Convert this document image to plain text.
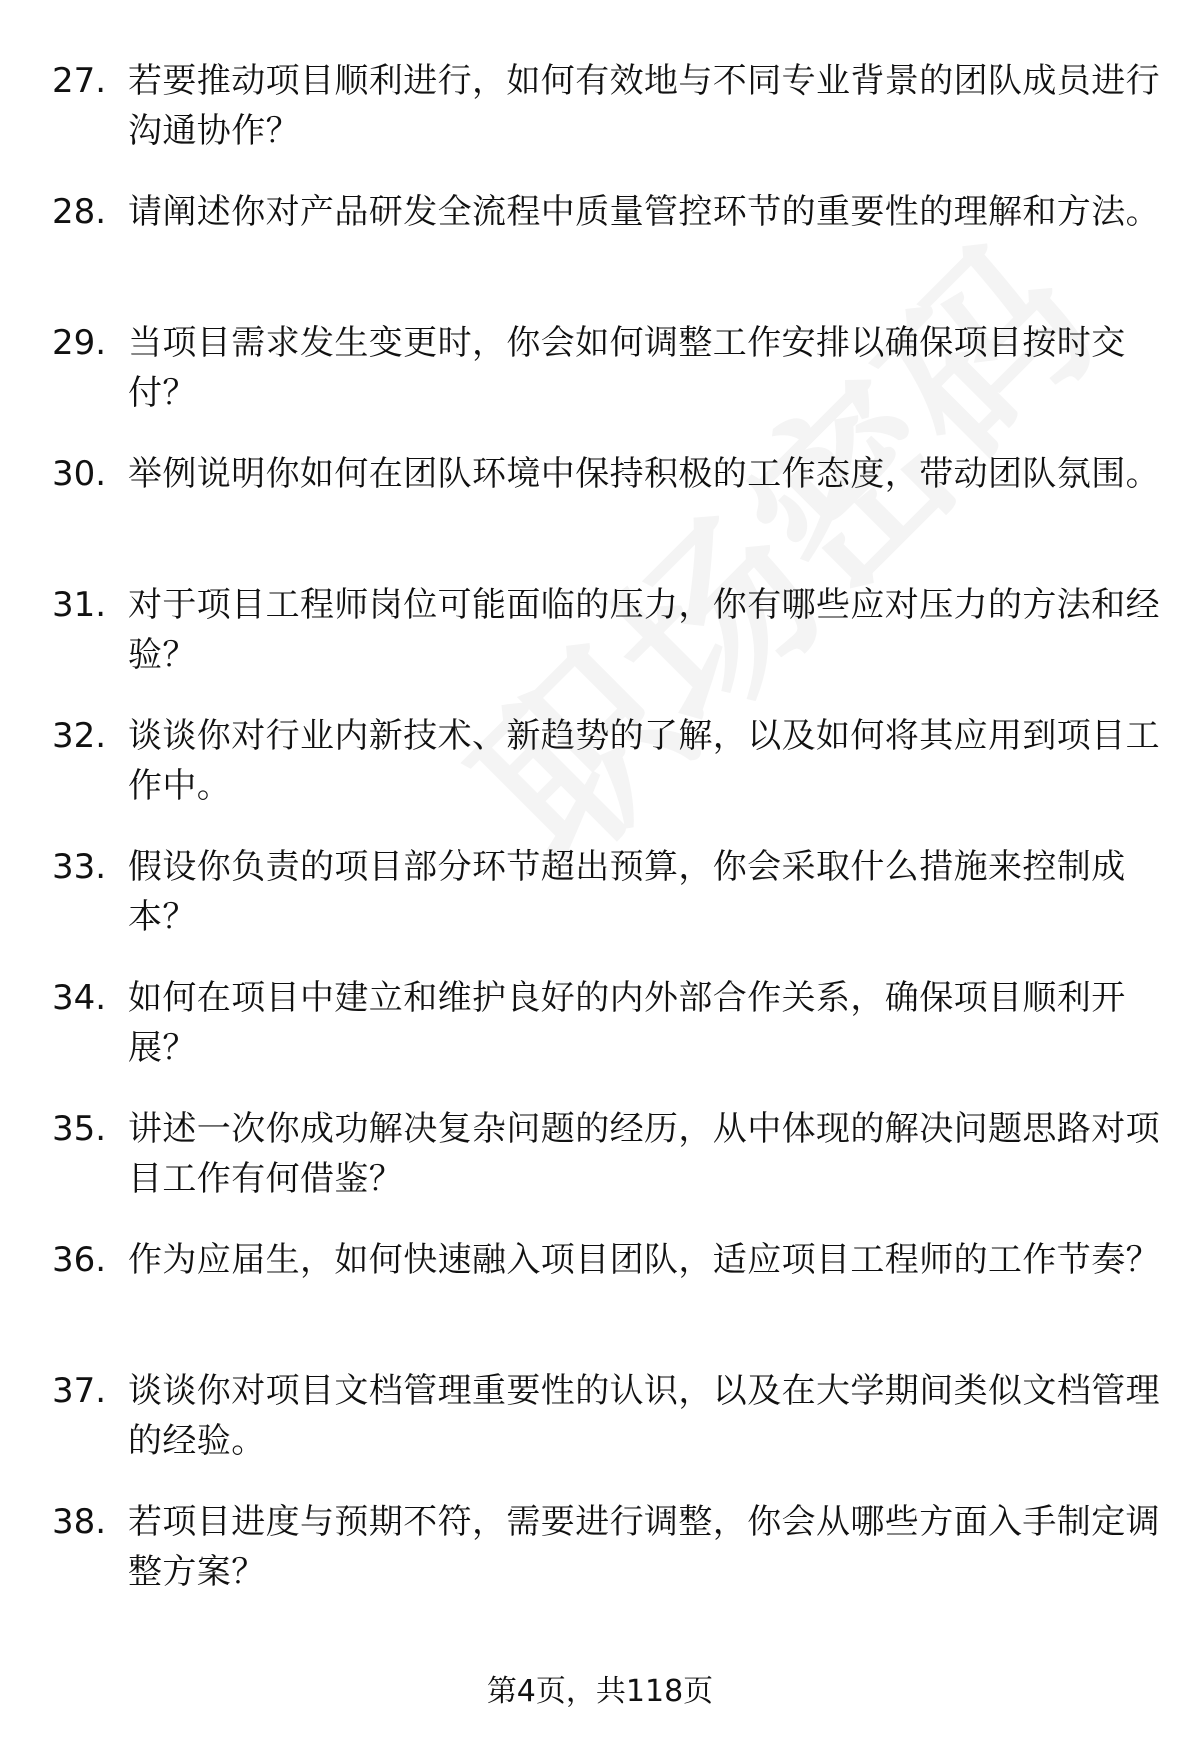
27. 若要推动项目顺利进行，如何有效地与不同专业背景的团队成员进行沟通协作？
28. 请阐述你对产品研发全流程中质量管控环节的重要性的理解和方法。
29. 当项目需求发生变更时，你会如何调整工作安排以确保项目按时交付？
30. 举例说明你如何在团队环境中保持积极的工作态度，带动团队氛围。
31. 对于项目工程师岗位可能面临的压力，你有哪些应对压力的方法和经验？
32. 谈谈你对行业内新技术、新趋势的了解，以及如何将其应用到项目工作中。
33. 假设你负责的项目部分环节超出预算，你会采取什么措施来控制成本？
34. 如何在项目中建立和维护良好的内外部合作关系，确保项目顺利开展？
35. 讲述一次你成功解决复杂问题的经历，从中体现的解决问题思路对项目工作有何借鉴？
36. 作为应届生，如何快速融入项目团队，适应项目工程师的工作节奏？
37. 谈谈你对项目文档管理重要性的认识，以及在大学期间类似文档管理的经验。
38. 若项目进度与预期不符，需要进行调整，你会从哪些方面入手制定调整方案？
第4页，共118页
